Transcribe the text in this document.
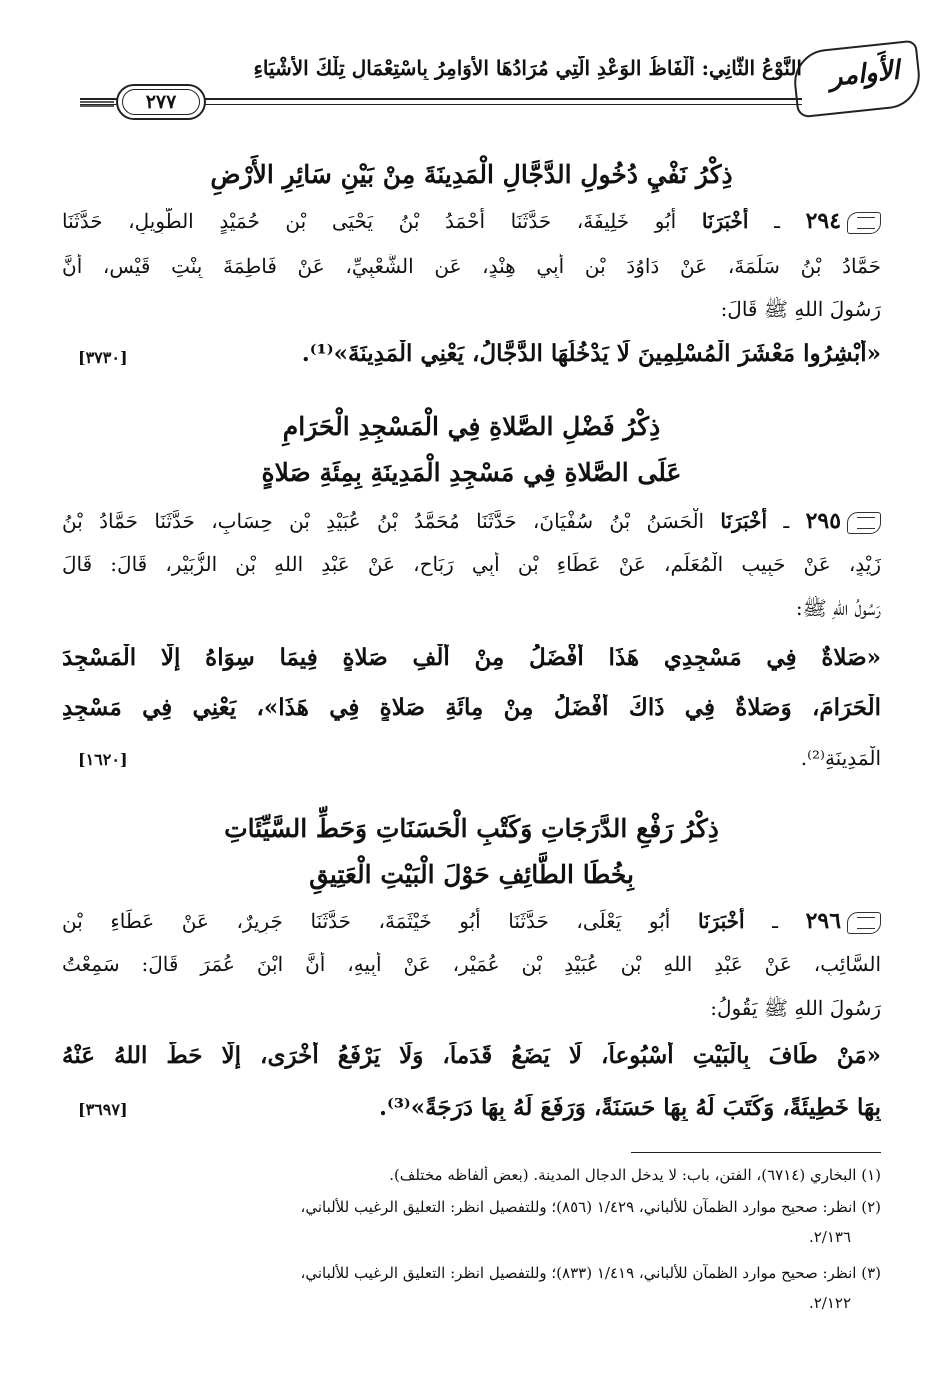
الأَوامر
النَّوْعُ الثَّانِي: أَلْفَاظُ الوَعْدِ الَّتِي مُرَادُهَا الأَوَامِرُ بِاسْتِعْمَالِ تِلْكَ الأَشْيَاءِ
٢٧٧
ذِكْرُ نَفْيِ دُخُولِ الدَّجَّالِ الْمَدِينَةَ مِنْ بَيْنِ سَائِرِ الأَرْضِ
٢٩٤ ـ أَخْبَرَنَا أَبُو خَلِيفَةَ، حَدَّثَنَا أَحْمَدُ بْنُ يَحْيَى بْنِ حُمَيْدٍ الطَّوِيلِ، حَدَّثَنَا
حَمَّادُ بْنُ سَلَمَةَ، عَنْ دَاوُدَ بْنِ أَبِي هِنْدٍ، عَنِ الشَّعْبِيِّ، عَنْ فَاطِمَةَ بِنْتِ قَيْسٍ، أَنَّ
رَسُولَ اللهِ ﷺ قَالَ:
«أَبْشِرُوا مَعْشَرَ الْمُسْلِمِينَ لَا يَدْخُلُهَا الدَّجَّالُ، يَعْنِي الْمَدِينَةَ»⁽¹⁾.
[٣٧٣٠]
ذِكْرُ فَضْلِ الصَّلاةِ فِي الْمَسْجِدِ الْحَرَامِ
عَلَى الصَّلاةِ فِي مَسْجِدِ الْمَدِينَةِ بِمِئَةِ صَلاةٍ
٢٩٥ ـ أَخْبَرَنَا الْحَسَنُ بْنُ سُفْيَانَ، حَدَّثَنَا مُحَمَّدُ بْنُ عُبَيْدِ بْنِ حِسَابٍ، حَدَّثَنَا حَمَّادُ بْنُ
زَيْدٍ، عَنْ حَبِيبٍ الْمُعَلِّمِ، عَنْ عَطَاءِ بْنِ أَبِي رَبَاحٍ، عَنْ عَبْدِ اللهِ بْنِ الزُّبَيْرِ، قَالَ: قَالَ
رَسُولُ اللهِ ﷺ:
«صَلاةٌ فِي مَسْجِدِي هَذَا أَفْضَلُ مِنْ أَلْفِ صَلاةٍ فِيمَا سِوَاهُ إِلَّا الْمَسْجِدَ
الْحَرَامَ، وَصَلاةٌ فِي ذَاكَ أَفْضَلُ مِنْ مِائَةِ صَلاةٍ فِي هَذَا»، يَعْنِي فِي مَسْجِدِ
الْمَدِينَةِ⁽²⁾.
[١٦٢٠]
ذِكْرُ رَفْعِ الدَّرَجَاتِ وَكَتْبِ الْحَسَنَاتِ وَحَطِّ السَّيِّئَاتِ
بِخُطَا الطَّائِفِ حَوْلَ الْبَيْتِ الْعَتِيقِ
٢٩٦ ـ أَخْبَرَنَا أَبُو يَعْلَى، حَدَّثَنَا أَبُو خَيْثَمَةَ، حَدَّثَنَا جَرِيرٌ، عَنْ عَطَاءِ بْنِ
السَّائِبِ، عَنْ عَبْدِ اللهِ بْنِ عُبَيْدِ بْنِ عُمَيْرٍ، عَنْ أَبِيهِ، أَنَّ ابْنَ عُمَرَ قَالَ: سَمِعْتُ
رَسُولَ اللهِ ﷺ يَقُولُ:
«مَنْ طَافَ بِالْبَيْتِ أُسْبُوعاً، لَا يَضَعُ قَدَماً، وَلَا يَرْفَعُ أُخْرَى، إِلَّا حَطَّ اللهُ عَنْهُ
بِهَا خَطِيئَةً، وَكَتَبَ لَهُ بِهَا حَسَنَةً، وَرَفَعَ لَهُ بِهَا دَرَجَةً»⁽³⁾.
[٣٦٩٧]
(١) البخاري (٦٧١٤)، الفتن، باب: لا يدخل الدجال المدينة. (بعض ألفاظه مختلف).
(٢) انظر: صحيح موارد الظمآن للألباني، ١/٤٢٩ (٨٥٦)؛ وللتفصيل انظر: التعليق الرغيب للألباني،
٢/١٣٦.
(٣) انظر: صحيح موارد الظمآن للألباني، ١/٤١٩ (٨٣٣)؛ وللتفصيل انظر: التعليق الرغيب للألباني،
٢/١٢٢.
